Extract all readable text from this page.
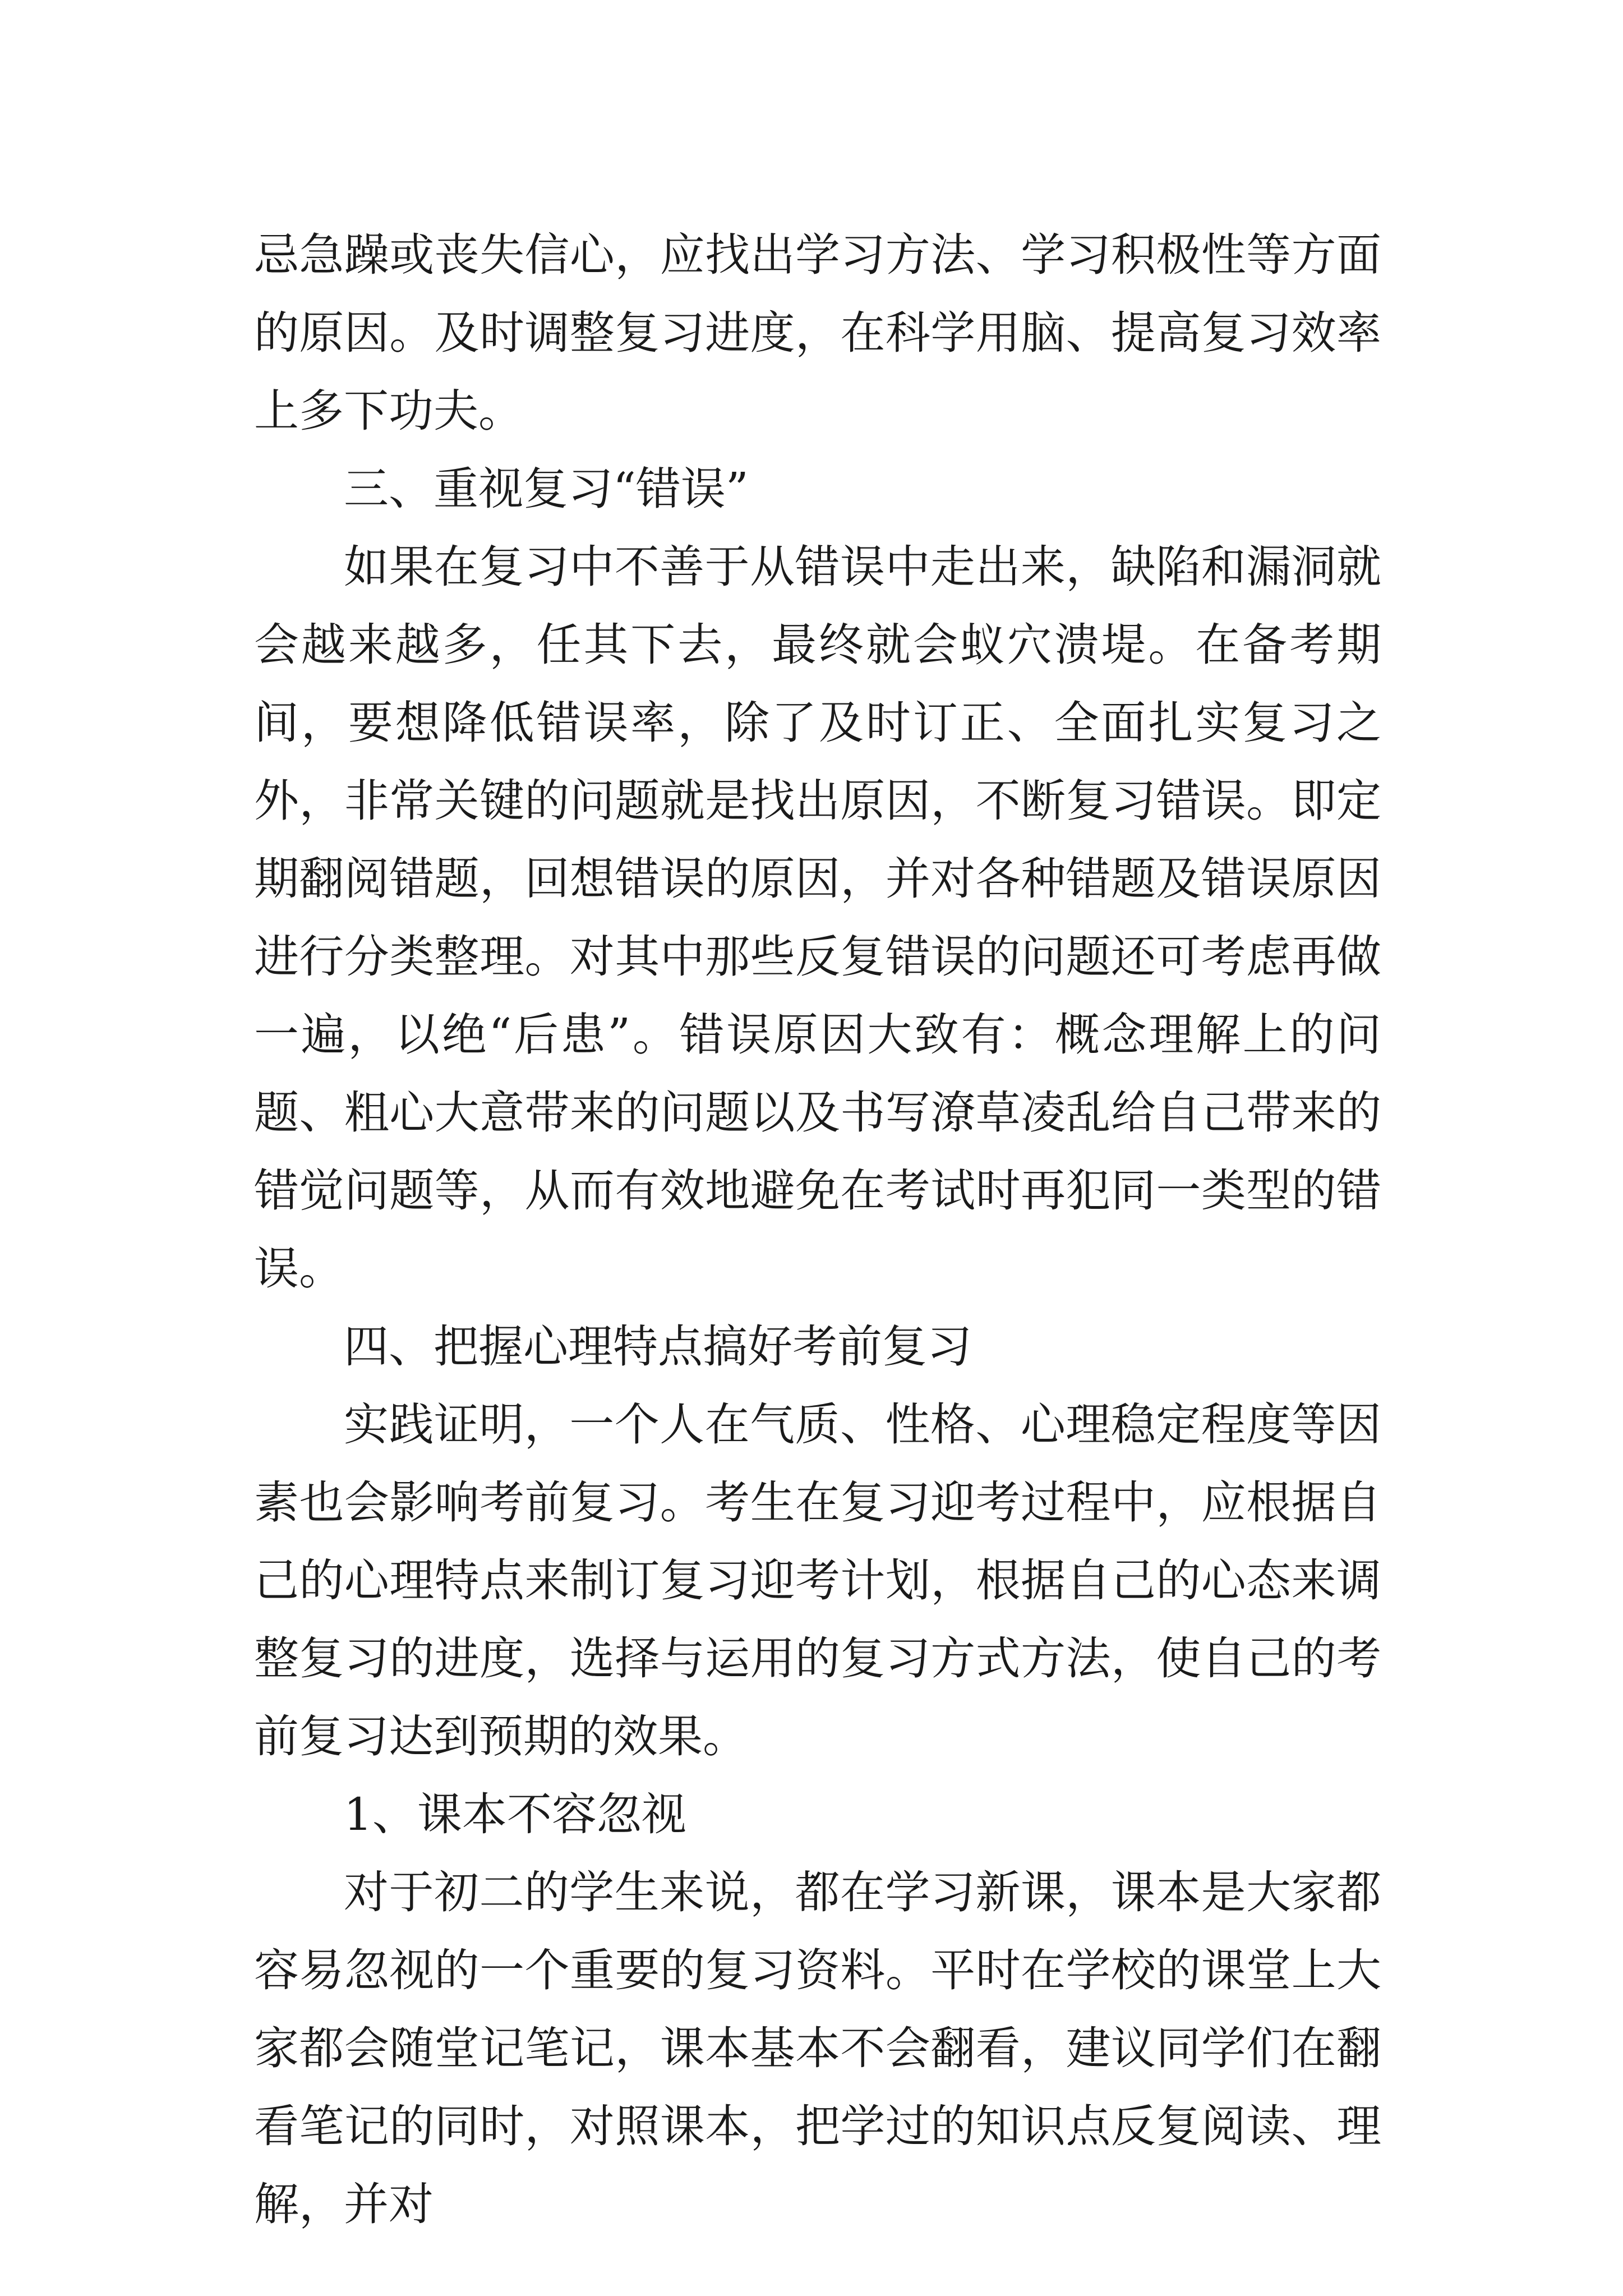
忌急躁或丧失信心，应找出学习方法、学习积极性等方面的原因。及时调整复习进度，在科学用脑、提高复习效率上多下功夫。

三、重视复习“错误”

如果在复习中不善于从错误中走出来，缺陷和漏洞就会越来越多，任其下去，最终就会蚁穴溃堤。在备考期间，要想降低错误率，除了及时订正、全面扎实复习之外，非常关键的问题就是找出原因，不断复习错误。即定期翻阅错题，回想错误的原因，并对各种错题及错误原因进行分类整理。对其中那些反复错误的问题还可考虑再做一遍，以绝“后患”。错误原因大致有：概念理解上的问题、粗心大意带来的问题以及书写潦草凌乱给自己带来的错觉问题等，从而有效地避免在考试时再犯同一类型的错误。

四、把握心理特点搞好考前复习

实践证明，一个人在气质、性格、心理稳定程度等因素也会影响考前复习。考生在复习迎考过程中，应根据自己的心理特点来制订复习迎考计划，根据自己的心态来调整复习的进度，选择与运用的复习方式方法，使自己的考前复习达到预期的效果。

1、课本不容忽视

对于初二的学生来说，都在学习新课，课本是大家都容易忽视的一个重要的复习资料。平时在学校的课堂上大家都会随堂记笔记，课本基本不会翻看，建议同学们在翻看笔记的同时，对照课本，把学过的知识点反复阅读、理解，并对
